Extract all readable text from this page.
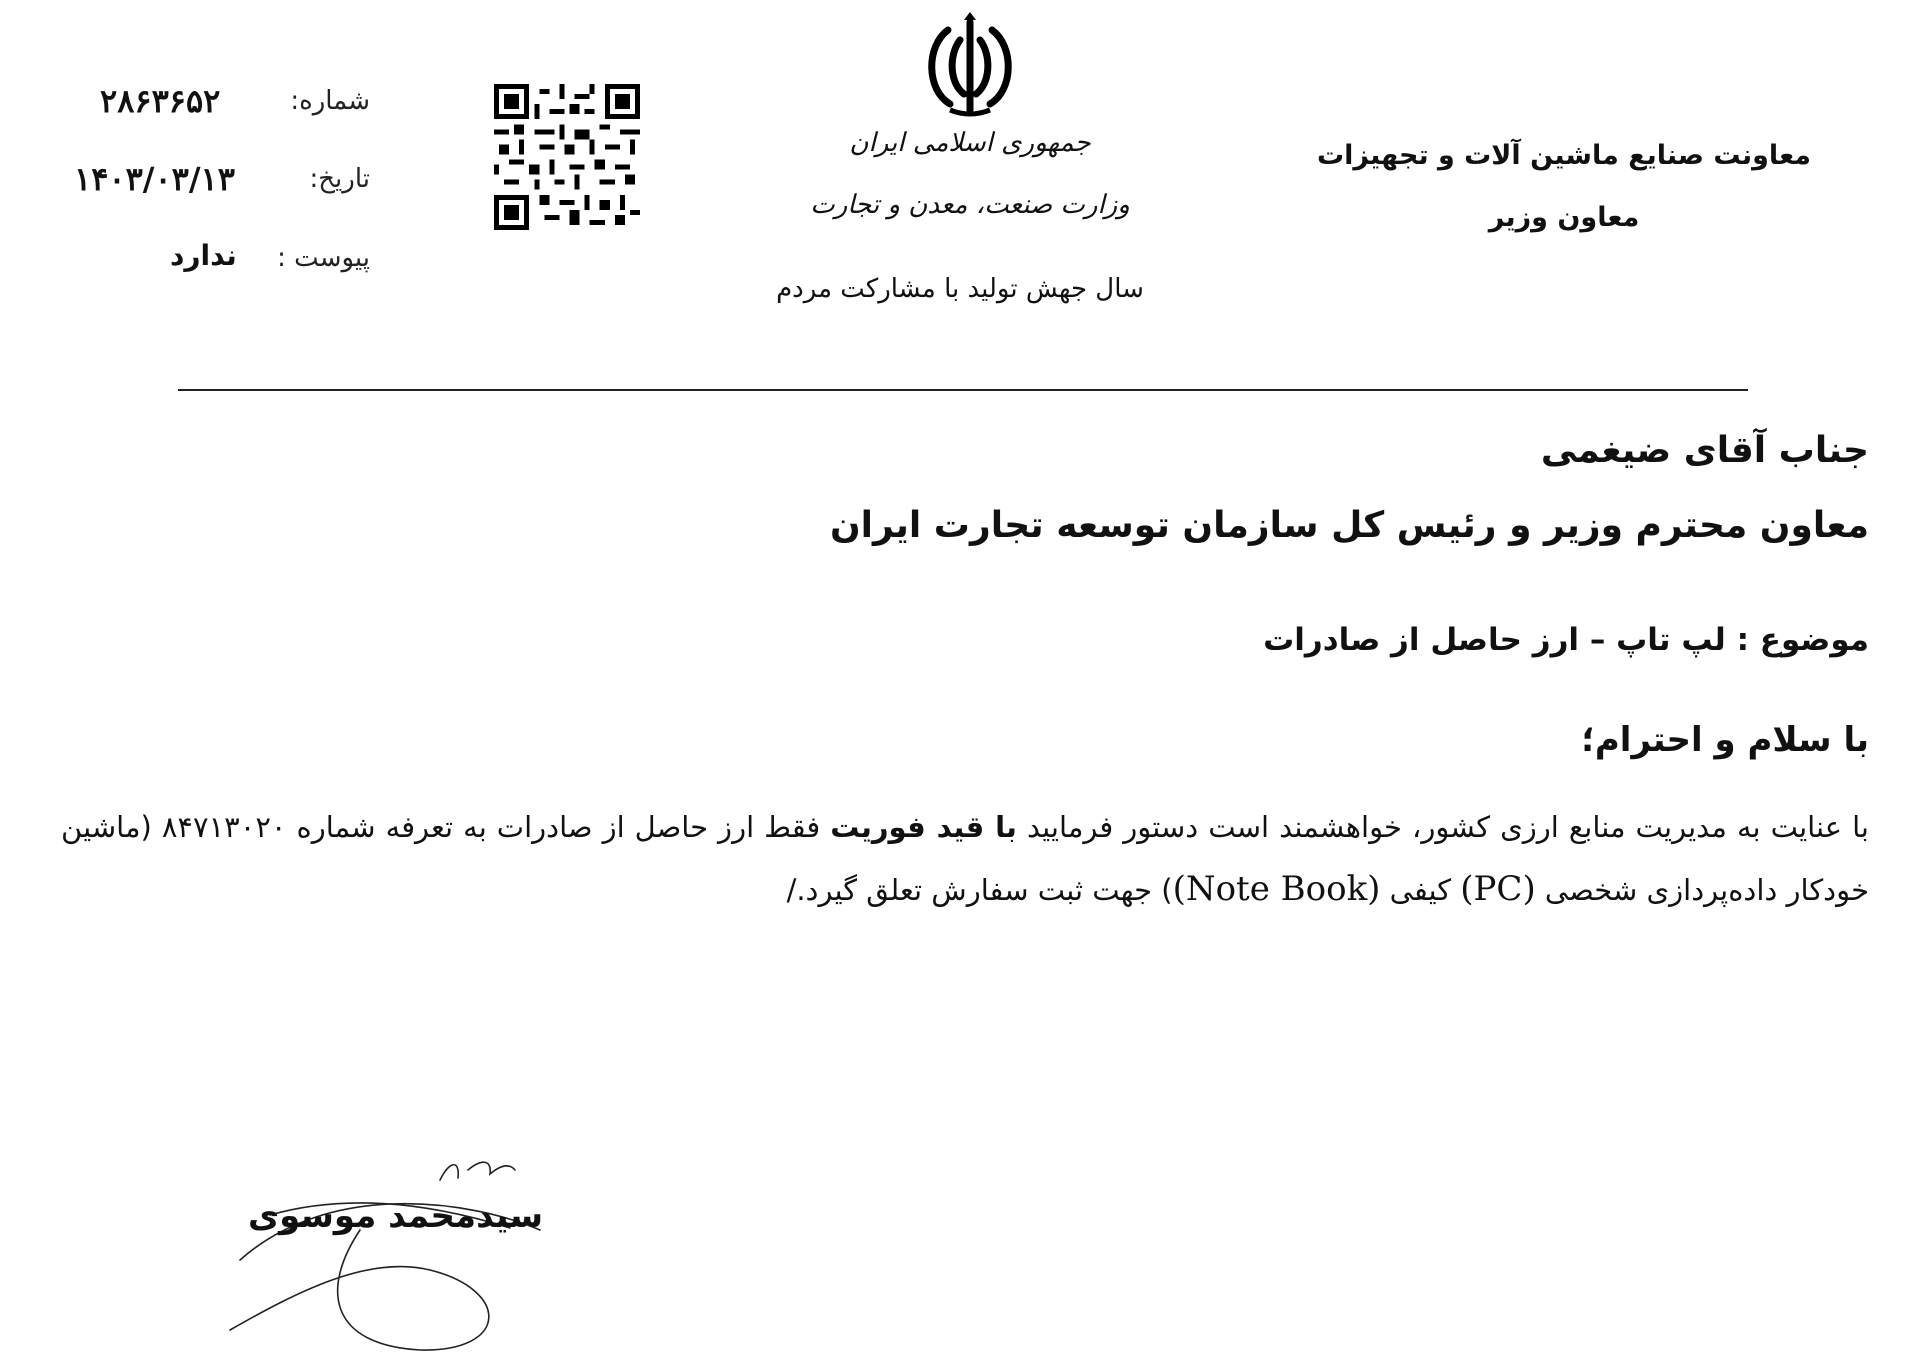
معاونت صنایع ماشین آلات و تجهیزات
معاون وزیر
جمهوری اسلامی ایران
وزارت صنعت، معدن و تجارت
سال جهش تولید با مشارکت مردم
شماره:
۲۸۶۳۶۵۲
تاریخ:
۱۴۰۳/۰۳/۱۳
پیوست :
ندارد
جناب آقای ضیغمی
معاون محترم وزیر و رئیس کل سازمان توسعه تجارت ایران
موضوع : لپ تاپ – ارز حاصل از صادرات
با سلام و احترام؛
با عنایت به مدیریت منابع ارزی کشور، خواهشمند است دستور فرمایید با قید فوریت فقط ارز حاصل از صادرات به تعرفه شماره ۸۴۷۱۳۰۲۰ (ماشین خودکار داده‌پردازی شخصی (PC) کیفی (Note Book)) جهت ثبت سفارش تعلق گیرد./
سیدمحمد موسوی
